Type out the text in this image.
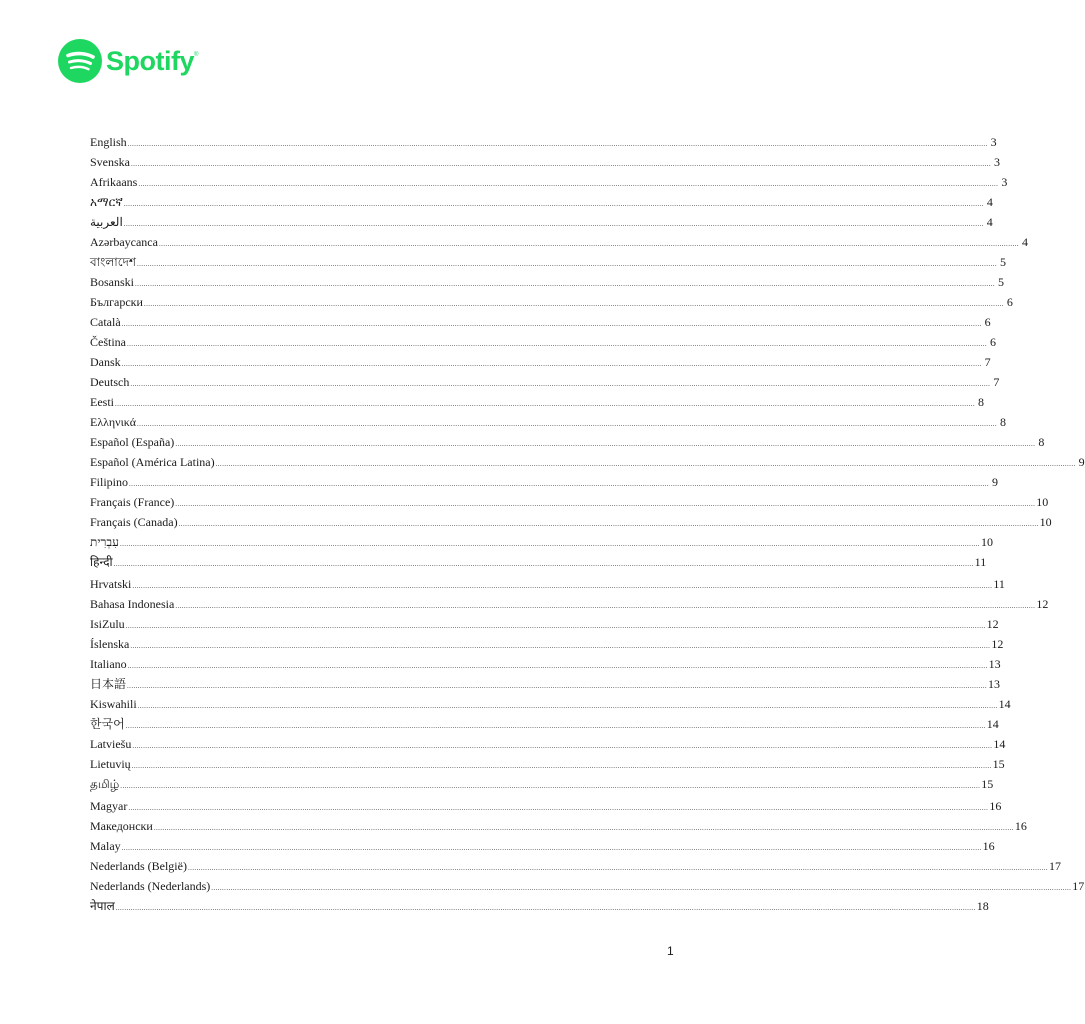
Spotify ®
English ................................................................................................................................................................................................................................................................................................................................................................................................................ 3
Svenska ................................................................................................................................................................................................................................................................................................................................................................................................................ 3
Afrikaans ................................................................................................................................................................................................................................................................................................................................................................................................................ 3
አማርኛ ................................................................................................................................................................................................................................................................................................................................................................................................................ 4
العربية ................................................................................................................................................................................................................................................................................................................................................................................................................ 4
Azərbaycanca ................................................................................................................................................................................................................................................................................................................................................................................................................ 4
বাংলাদেশ ................................................................................................................................................................................................................................................................................................................................................................................................................ 5
Bosanski ................................................................................................................................................................................................................................................................................................................................................................................................................ 5
Български ................................................................................................................................................................................................................................................................................................................................................................................................................ 6
Català ................................................................................................................................................................................................................................................................................................................................................................................................................ 6
Čeština ................................................................................................................................................................................................................................................................................................................................................................................................................ 6
Dansk ................................................................................................................................................................................................................................................................................................................................................................................................................ 7
Deutsch ................................................................................................................................................................................................................................................................................................................................................................................................................ 7
Eesti ................................................................................................................................................................................................................................................................................................................................................................................................................ 8
Ελληνικά ................................................................................................................................................................................................................................................................................................................................................................................................................ 8
Español (España) ................................................................................................................................................................................................................................................................................................................................................................................................................ 8
Español (América Latina) ................................................................................................................................................................................................................................................................................................................................................................................................................ 9
Filipino ................................................................................................................................................................................................................................................................................................................................................................................................................ 9
Français (France) ................................................................................................................................................................................................................................................................................................................................................................................................................ 10
Français (Canada) ................................................................................................................................................................................................................................................................................................................................................................................................................ 10
עִבְרִית ................................................................................................................................................................................................................................................................................................................................................................................................................ 10
हिन्दी ................................................................................................................................................................................................................................................................................................................................................................................................................ 11
Hrvatski ................................................................................................................................................................................................................................................................................................................................................................................................................ 11
Bahasa Indonesia ................................................................................................................................................................................................................................................................................................................................................................................................................ 12
IsiZulu ................................................................................................................................................................................................................................................................................................................................................................................................................ 12
Íslenska ................................................................................................................................................................................................................................................................................................................................................................................................................ 12
Italiano ................................................................................................................................................................................................................................................................................................................................................................................................................ 13
日本語 ................................................................................................................................................................................................................................................................................................................................................................................................................ 13
Kiswahili ................................................................................................................................................................................................................................................................................................................................................................................................................ 14
한국어 ................................................................................................................................................................................................................................................................................................................................................................................................................ 14
Latviešu ................................................................................................................................................................................................................................................................................................................................................................................................................ 14
Lietuvių ................................................................................................................................................................................................................................................................................................................................................................................................................ 15
தமிழ் ................................................................................................................................................................................................................................................................................................................................................................................................................ 15
Magyar ................................................................................................................................................................................................................................................................................................................................................................................................................ 16
Македонски ................................................................................................................................................................................................................................................................................................................................................................................................................ 16
Malay ................................................................................................................................................................................................................................................................................................................................................................................................................ 16
Nederlands (België) ................................................................................................................................................................................................................................................................................................................................................................................................................ 17
Nederlands (Nederlands) ................................................................................................................................................................................................................................................................................................................................................................................................................ 17
नेपाल ................................................................................................................................................................................................................................................................................................................................................................................................................ 18
1
